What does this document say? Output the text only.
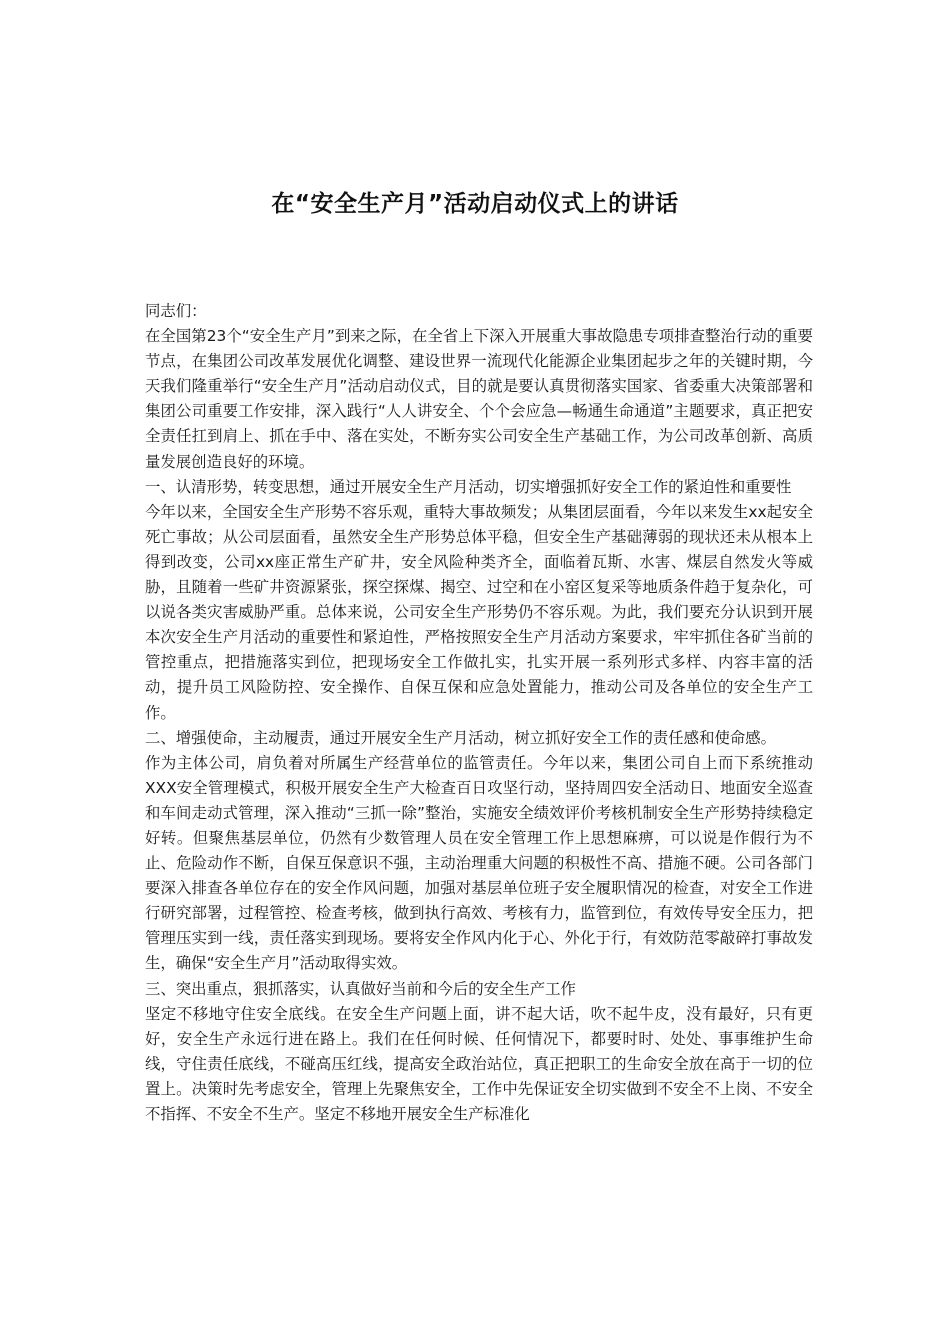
在“安全生产月”活动启动仪式上的讲话

同志们：

在全国第23个“安全生产月”到来之际，在全省上下深入开展重大事故隐患专项排查整治行动的重要节点，在集团公司改革发展优化调整、建设世界一流现代化能源企业集团起步之年的关键时期，今天我们隆重举行“安全生产月”活动启动仪式，目的就是要认真贯彻落实国家、省委重大决策部署和集团公司重要工作安排，深入践行“人人讲安全、个个会应急—畅通生命通道”主题要求，真正把安全责任扛到肩上、抓在手中、落在实处，不断夯实公司安全生产基础工作，为公司改革创新、高质量发展创造良好的环境。

一、认清形势，转变思想，通过开展安全生产月活动，切实增强抓好安全工作的紧迫性和重要性

今年以来，全国安全生产形势不容乐观，重特大事故频发；从集团层面看，今年以来发生xx起安全死亡事故；从公司层面看，虽然安全生产形势总体平稳，但安全生产基础薄弱的现状还未从根本上得到改变，公司xx座正常生产矿井，安全风险种类齐全，面临着瓦斯、水害、煤层自然发火等威胁，且随着一些矿井资源紧张，探空探煤、揭空、过空和在小窑区复采等地质条件趋于复杂化，可以说各类灾害威胁严重。总体来说，公司安全生产形势仍不容乐观。为此，我们要充分认识到开展本次安全生产月活动的重要性和紧迫性，严格按照安全生产月活动方案要求，牢牢抓住各矿当前的管控重点，把措施落实到位，把现场安全工作做扎实，扎实开展一系列形式多样、内容丰富的活动，提升员工风险防控、安全操作、自保互保和应急处置能力，推动公司及各单位的安全生产工作。

二、增强使命，主动履责，通过开展安全生产月活动，树立抓好安全工作的责任感和使命感。

作为主体公司，肩负着对所属生产经营单位的监管责任。今年以来，集团公司自上而下系统推动XXX安全管理模式，积极开展安全生产大检查百日攻坚行动，坚持周四安全活动日、地面安全巡查和车间走动式管理，深入推动“三抓一除”整治，实施安全绩效评价考核机制安全生产形势持续稳定好转。但聚焦基层单位，仍然有少数管理人员在安全管理工作上思想麻痹，可以说是作假行为不止、危险动作不断，自保互保意识不强，主动治理重大问题的积极性不高、措施不硬。公司各部门要深入排查各单位存在的安全作风问题，加强对基层单位班子安全履职情况的检查，对安全工作进行研究部署，过程管控、检查考核，做到执行高效、考核有力，监管到位，有效传导安全压力，把管理压实到一线，责任落实到现场。要将安全作风内化于心、外化于行，有效防范零敲碎打事故发生，确保“安全生产月”活动取得实效。

三、突出重点，狠抓落实，认真做好当前和今后的安全生产工作

坚定不移地守住安全底线。在安全生产问题上面，讲不起大话，吹不起牛皮，没有最好，只有更好，安全生产永远行进在路上。我们在任何时候、任何情况下，都要时时、处处、事事维护生命线，守住责任底线，不碰高压红线，提高安全政治站位，真正把职工的生命安全放在高于一切的位置上。决策时先考虑安全，管理上先聚焦安全，工作中先保证安全切实做到不安全不上岗、不安全不指挥、不安全不生产。坚定不移地开展安全生产标准化
